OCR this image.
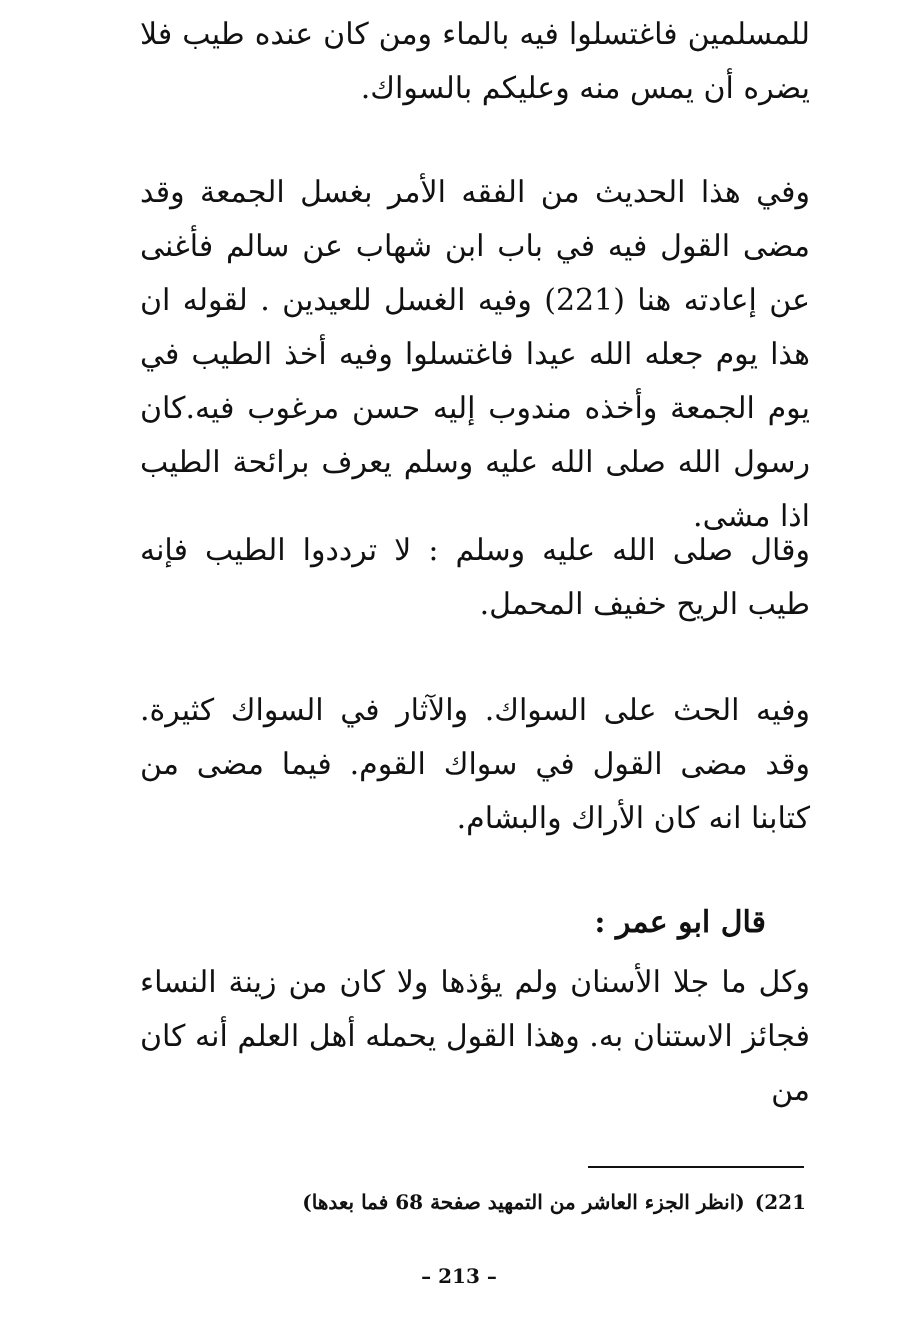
للمسلمين فاغتسلوا فيه بالماء ومن كان عنده طيب فلا يضره أن يمس منه وعليكم بالسواك.
وفي هذا الحديث من الفقه الأمر بغسل الجمعة وقد مضى القول فيه في باب ابن شهاب عن سالم فأغنى عن إعادته هنا (221) وفيه الغسل للعيدين . لقوله ان هذا يوم جعله الله عيدا فاغتسلوا وفيه أخذ الطيب في يوم الجمعة وأخذه مندوب إليه حسن مرغوب فيه.كان رسول الله صلى الله عليه وسلم يعرف برائحة الطيب اذا مشى.
وقال صلى الله عليه وسلم : لا ترددوا الطيب فإنه طيب الريح خفيف المحمل.
وفيه الحث على السواك. والآثار في السواك كثيرة. وقد مضى القول في سواك القوم. فيما مضى من كتابنا انه كان الأراك والبشام.
قال ابو عمر :
وكل ما جلا الأسنان ولم يؤذها ولا كان من زينة النساء فجائز الاستنان به. وهذا القول يحمله أهل العلم أنه كان من
221)(انظر الجزء العاشر من التمهيد صفحة 68 فما بعدها)
– 213 –
